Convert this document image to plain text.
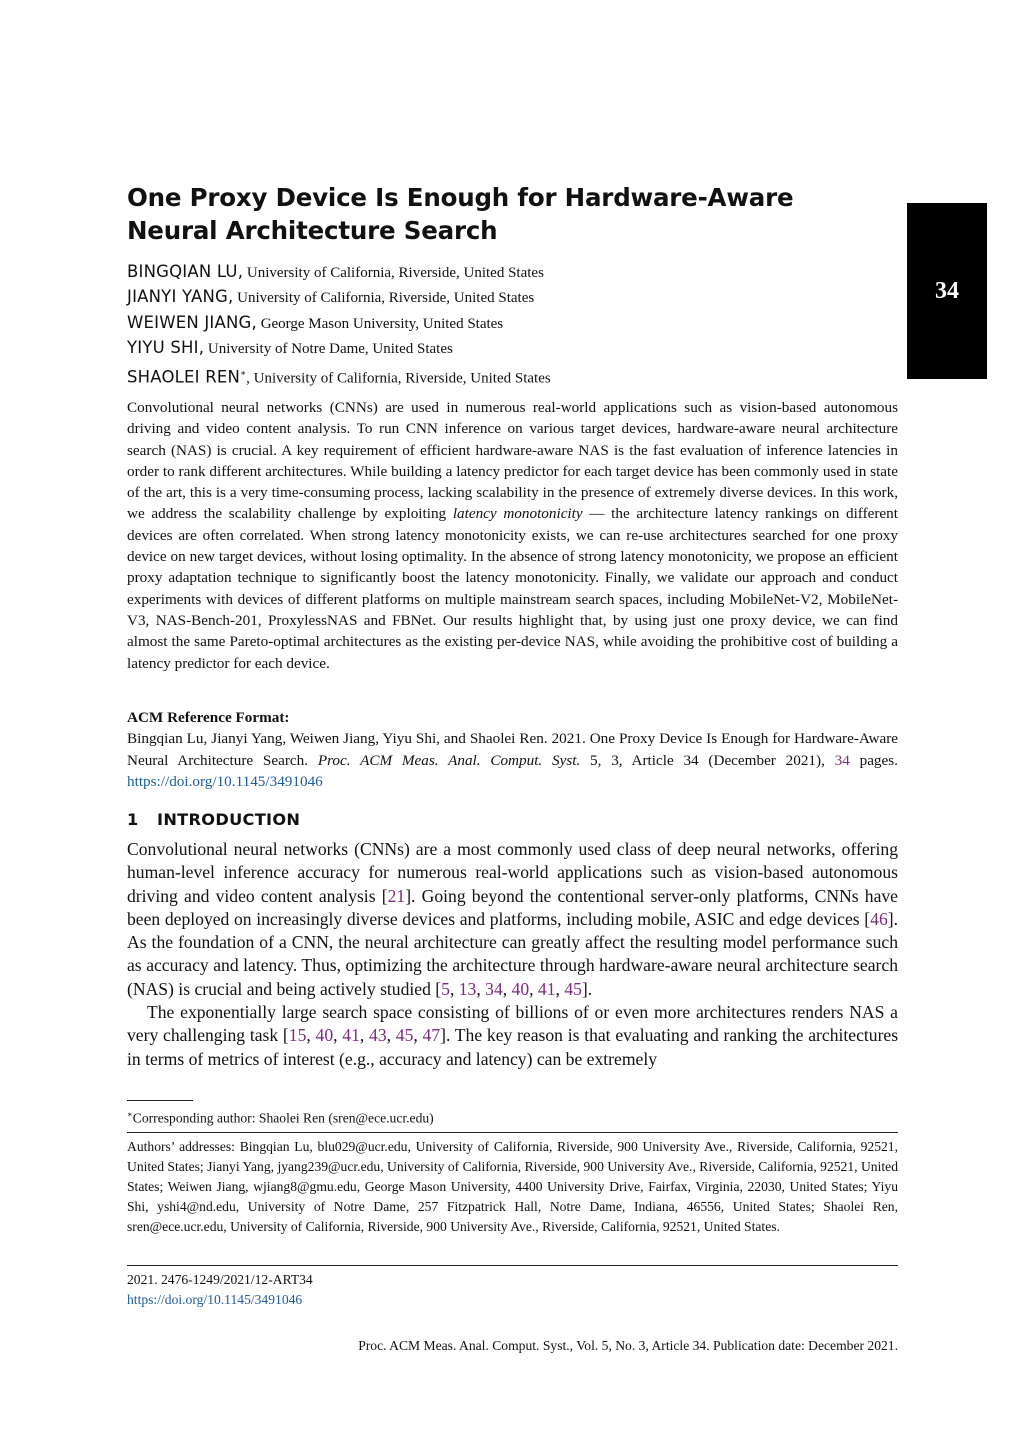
34
One Proxy Device Is Enough for Hardware-Aware Neural Architecture Search
BINGQIAN LU, University of California, Riverside, United States
JIANYI YANG, University of California, Riverside, United States
WEIWEN JIANG, George Mason University, United States
YIYU SHI, University of Notre Dame, United States
SHAOLEI REN∗, University of California, Riverside, United States

Convolutional neural networks (CNNs) are used in numerous real-world applications such as vision-based autonomous driving and video content analysis. To run CNN inference on various target devices, hardware-aware neural architecture search (NAS) is crucial. A key requirement of efficient hardware-aware NAS is the fast evaluation of inference latencies in order to rank different architectures. While building a latency predictor for each target device has been commonly used in state of the art, this is a very time-consuming process, lacking scalability in the presence of extremely diverse devices. In this work, we address the scalability challenge by exploiting latency monotonicity — the architecture latency rankings on different devices are often correlated. When strong latency monotonicity exists, we can re-use architectures searched for one proxy device on new target devices, without losing optimality. In the absence of strong latency monotonicity, we propose an efficient proxy adaptation technique to significantly boost the latency monotonicity. Finally, we validate our approach and conduct experiments with devices of different platforms on multiple mainstream search spaces, including MobileNet-V2, MobileNet-V3, NAS-Bench-201, ProxylessNAS and FBNet. Our results highlight that, by using just one proxy device, we can find almost the same Pareto-optimal architectures as the existing per-device NAS, while avoiding the prohibitive cost of building a latency predictor for each device.

ACM Reference Format:
Bingqian Lu, Jianyi Yang, Weiwen Jiang, Yiyu Shi, and Shaolei Ren. 2021. One Proxy Device Is Enough for Hardware-Aware Neural Architecture Search. Proc. ACM Meas. Anal. Comput. Syst. 5, 3, Article 34 (December 2021), 34 pages. https://doi.org/10.1145/3491046
1 INTRODUCTION

Convolutional neural networks (CNNs) are a most commonly used class of deep neural networks, offering human-level inference accuracy for numerous real-world applications such as vision-based autonomous driving and video content analysis [21]. Going beyond the contentional server-only platforms, CNNs have been deployed on increasingly diverse devices and platforms, including mobile, ASIC and edge devices [46]. As the foundation of a CNN, the neural architecture can greatly affect the resulting model performance such as accuracy and latency. Thus, optimizing the architecture through hardware-aware neural architecture search (NAS) is crucial and being actively studied [5, 13, 34, 40, 41, 45].

The exponentially large search space consisting of billions of or even more architectures renders NAS a very challenging task [15, 40, 41, 43, 45, 47]. The key reason is that evaluating and ranking the architectures in terms of metrics of interest (e.g., accuracy and latency) can be extremely

∗Corresponding author: Shaolei Ren (sren@ece.ucr.edu)
Authors’ addresses: Bingqian Lu, blu029@ucr.edu, University of California, Riverside, 900 University Ave., Riverside, California, 92521, United States; Jianyi Yang, jyang239@ucr.edu, University of California, Riverside, 900 University Ave., Riverside, California, 92521, United States; Weiwen Jiang, wjiang8@gmu.edu, George Mason University, 4400 University Drive, Fairfax, Virginia, 22030, United States; Yiyu Shi, yshi4@nd.edu, University of Notre Dame, 257 Fitzpatrick Hall, Notre Dame, Indiana, 46556, United States; Shaolei Ren, sren@ece.ucr.edu, University of California, Riverside, 900 University Ave., Riverside, California, 92521, United States.
2021. 2476-1249/2021/12-ART34
https://doi.org/10.1145/3491046
Proc. ACM Meas. Anal. Comput. Syst., Vol. 5, No. 3, Article 34. Publication date: December 2021.
